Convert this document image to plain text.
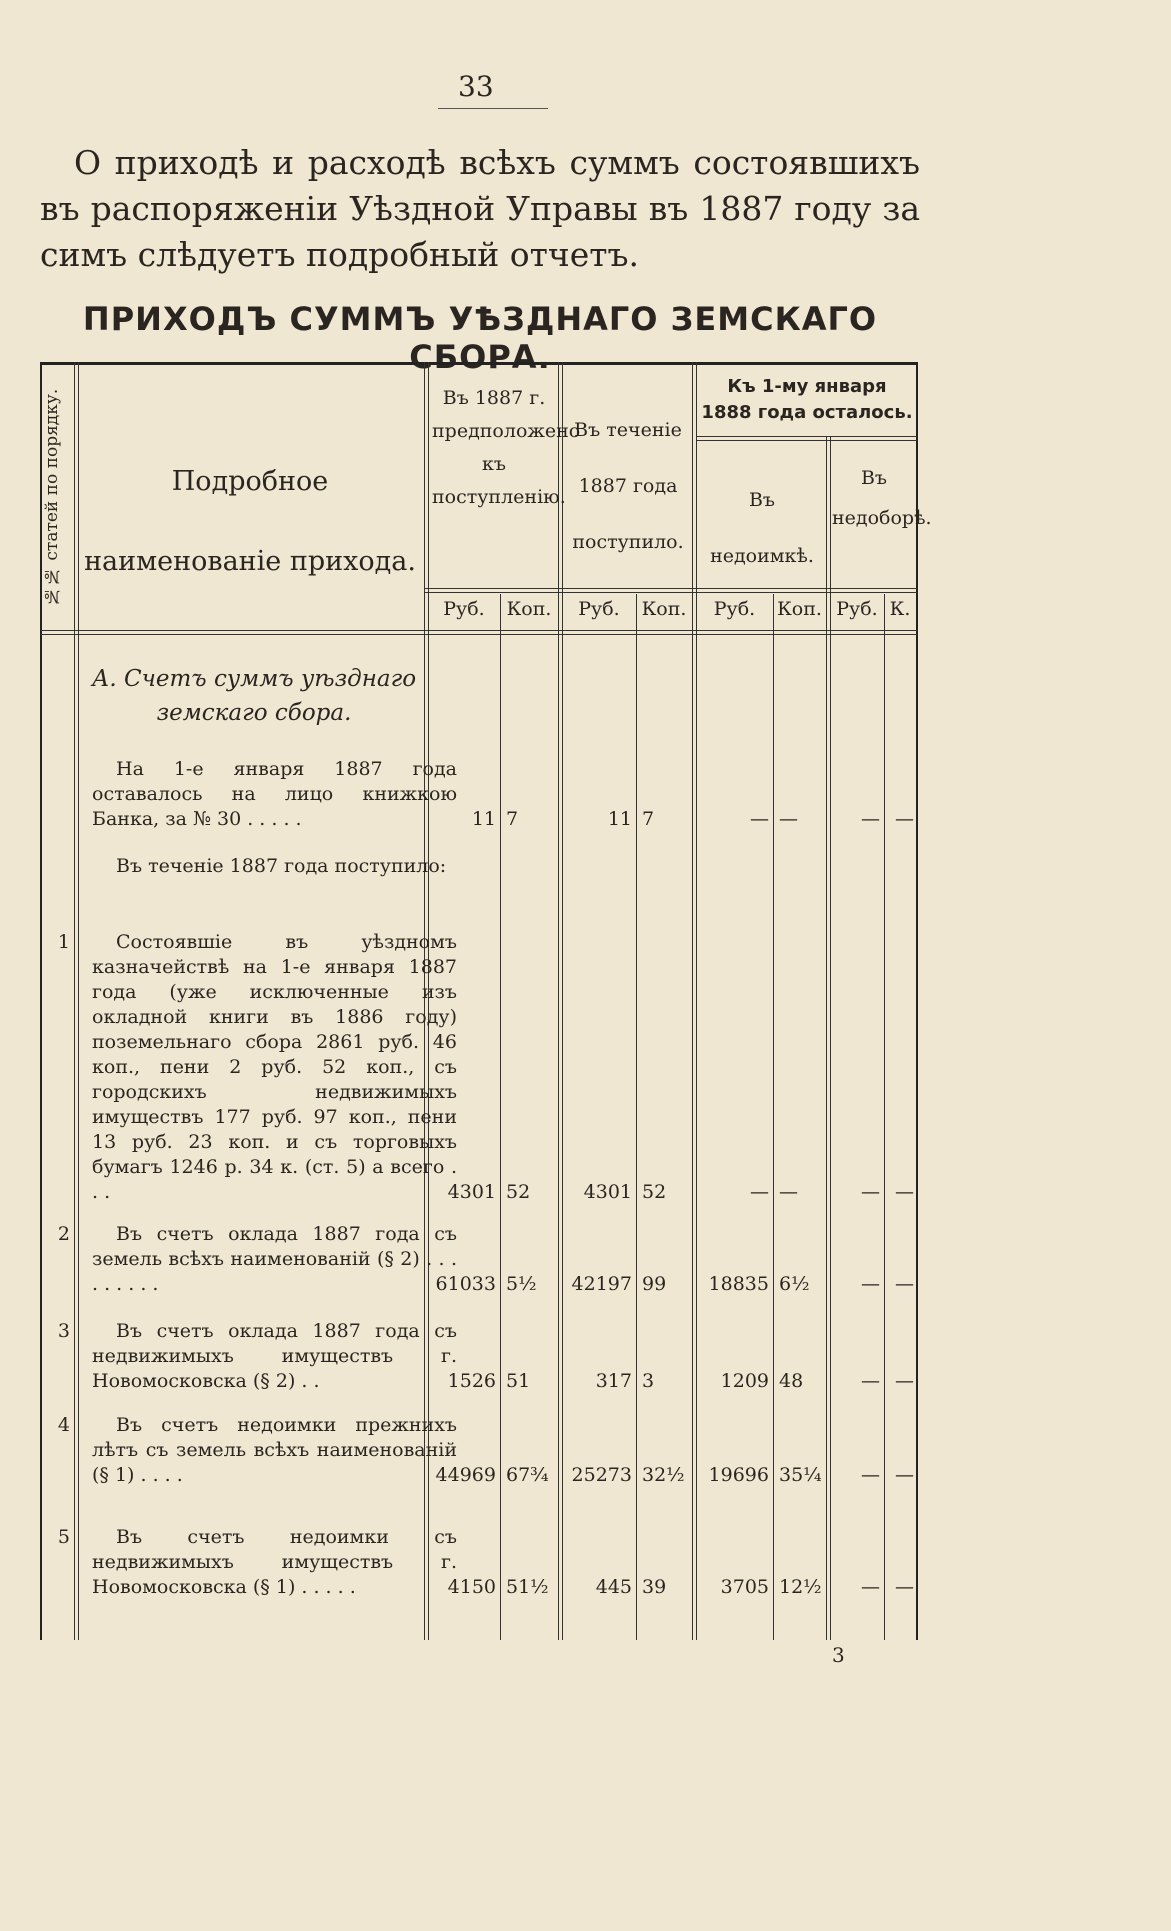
33
О приходѣ и расходѣ всѣхъ суммъ состоявшихъ въ распоряженіи Уѣздной Управы въ 1887 году за симъ слѣдуетъ подробный отчетъ.
ПРИХОДЪ СУММЪ УѢЗДНАГО ЗЕМСКАГО СБОРА.
№№ статей по порядку.	Подробное наименованіе прихода.
Въ 1887 г. предположено къ поступленію.
Въ теченіе 1887 года поступило.
Къ 1-му января 1888 года осталось.
Въ недоимкѣ.
Въ недоборѣ.
Руб.	Коп.	Руб.	Коп.	Руб.	Коп. Руб. К.
А. Счетъ суммъ уѣзднаго земскаго сбора.
На 1-е января 1887 года оставалось на лицо книжкою Банка, за № 30 . . . . .	11 7	11 7	— —	— —
Въ теченіе 1887 года поступило:
1	Состоявшіе въ уѣздномъ казначействѣ на 1-е января 1887 года (уже исключенные изъ окладной книги въ 1886 году) поземельнаго сбора 2861 руб. 46 коп., пени 2 руб. 52 коп., съ городскихъ недвижимыхъ имуществъ 177 руб. 97 коп., пени 13 руб. 23 коп. и съ торговыхъ бумагъ 1246 р. 34 к. (ст. 5) а всего . . .	4301 52	4301 52	— —	— —
2	Въ счетъ оклада 1887 года съ земель всѣхъ наименованій (§ 2) . . . . . . . . .	61033 5½	42197 99	18835 6½	— —
3	Въ счетъ оклада 1887 года съ недвижимыхъ имуществъ г. Новомосковска (§ 2) . .	1526 51	317 3	1209 48	— —
4	Въ счетъ недоимки прежнихъ лѣтъ съ земель всѣхъ наименованій (§ 1) . . . .	44969 67¾	25273 32½	19696 35¼	— —
5	Въ счетъ недоимки съ недвижимыхъ имуществъ г. Новомосковска (§ 1) . . . . .	4150 51½	445 39	3705 12½	— —
3
